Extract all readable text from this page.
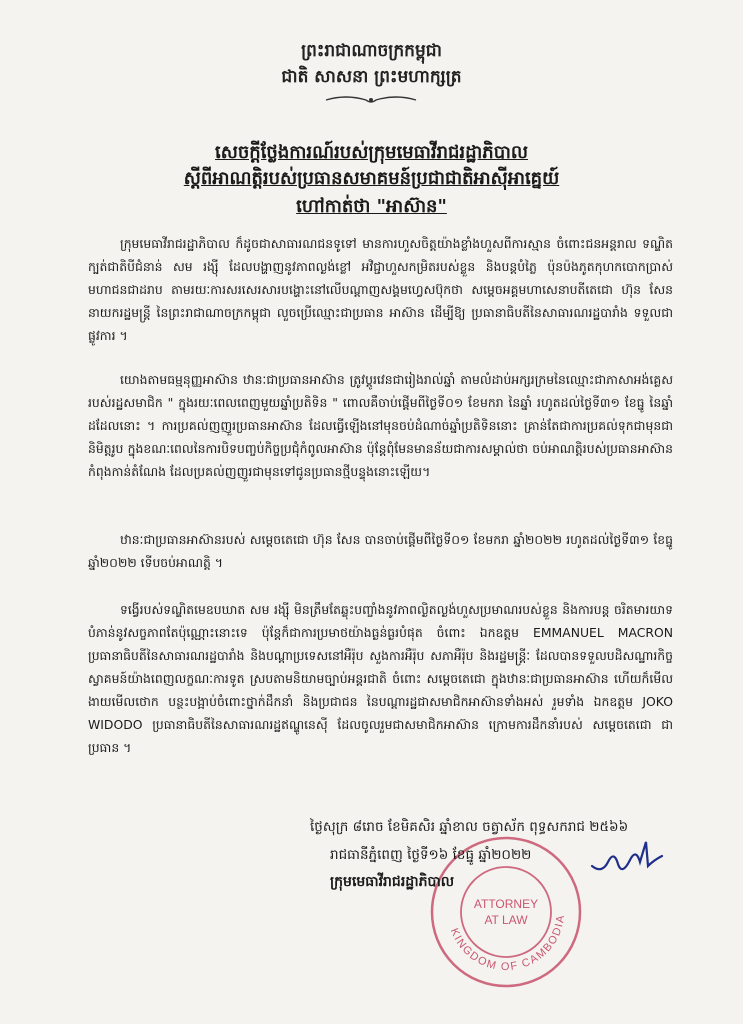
ព្រះរាជាណាចក្រកម្ពុជា
ជាតិ សាសនា ព្រះមហាក្សត្រ
សេចក្តីថ្លែងការណ៍របស់ក្រុមមេធាវីរាជរដ្ឋាភិបាល
ស្តីពីអាណត្តិរបស់ប្រធានសមាគមន៍ប្រជាជាតិអាស៊ីអាគ្នេយ៍
ហៅកាត់ថា "អាស៊ាន"

ក្រុមមេធាវីរាជរដ្ឋាភិបាល ក៏ដូចជាសាធារណជនទូទៅ មានការហួសចិត្តយ៉ាងខ្លាំងហួសពីការស្មាន ចំពោះជនអន្តរាល ទណ្ឌិតក្បត់ជាតិបីជំនាន់ សម រង្ស៊ី ដែលបង្ហាញនូវភាពល្ងង់ខ្លៅ អវិជ្ជាហួសកម្រិតរបស់ខ្លួន និងបន្តបំភ្លៃ ប៉ុនប៉ងភូតកុហកបោកប្រាស់មហាជនជាដរាប តាមរយៈការសរសេរសារបង្ហោះនៅលើបណ្តាញសង្គមហ្វេសប៊ុកថា សម្តេចអគ្គមហាសេនាបតីតេជោ ហ៊ុន សែន នាយករដ្ឋមន្រ្តី នៃព្រះរាជាណាចក្រកម្ពុជា លួចប្រើឈ្មោះជាប្រធាន អាស៊ាន ដើម្បីឱ្យ ប្រធានាធិបតីនៃសាធារណរដ្ឋបារាំង ទទួលជាផ្លូវការ ។

យោងតាមធម្មនុញ្ញអាស៊ាន ឋានៈជាប្រធានអាស៊ាន ត្រូវប្តូរវេនជារៀងរាល់ឆ្នាំ តាមលំដាប់អក្សរក្រមនៃឈ្មោះជាភាសាអង់គ្លេសរបស់រដ្ឋសមាជិក " ក្នុងរយៈពេលពេញមួយឆ្នាំប្រតិទិន " ពោលគឺចាប់ផ្តើមពីថ្ងៃទី០១ ខែមករា នៃឆ្នាំ រហូតដល់ថ្ងៃទី៣១ ខែធ្នូ នៃឆ្នាំដដែលនោះ ។ ការប្រគល់ញញួរប្រធានអាស៊ាន ដែលធ្វើឡើងនៅមុនចប់ដំណាច់ឆ្នាំប្រតិទិននោះ គ្រាន់តែជាការប្រគល់ទុកជាមុនជានិមិត្តរូប ក្នុងខណៈពេលនៃការបិទបញ្ចប់កិច្ចប្រជុំកំពូលអាស៊ាន ប៉ុន្តែពុំមែនមានន័យជាការសម្គាល់ថា ចប់អាណត្តិរបស់ប្រធានអាស៊ានកំពុងកាន់តំណែង ដែលប្រគល់ញញួរជាមុនទៅជូនប្រធានថ្មីបន្ទុងនោះឡើយ។

ឋានៈជាប្រធានអាស៊ានរបស់ សម្តេចតេជោ ហ៊ុន សែន បានចាប់ផ្តើមពីថ្ងៃទី០១ ខែមករា ឆ្នាំ២០២២ រហូតដល់ថ្ងៃទី៣១ ខែធ្នូ ឆ្នាំ២០២២ ទើបចប់អាណត្តិ ។

ទង្វើរបស់ទណ្ឌិតមេឧបឃាត សម រង្ស៊ី មិនត្រឹមតែឆ្លុះបញ្ចាំងនូវភាពល្ងិតល្ងង់ហួសប្រមាណរបស់ខ្លួន និងការបន្ត ចរិតមារយាទបំភាន់នូវសច្ចភាពតែប៉ុណ្ណោះនោះទេ ប៉ុន្តែក៏ជាការប្រមាថយ៉ាងធ្ងន់ធ្ងរបំផុត ចំពោះ ឯកឧត្តម EMMANUEL MACRON ប្រធានាធិបតីនៃសាធារណរដ្ឋបារាំង និងបណ្តាប្រទេសនៅអឺរ៉ុប សួងការអឺរ៉ុប សភាអឺរ៉ុប និងរដ្ឋមន្ត្រីៈ ដែលបានទទួលបដិសណ្ឋារកិច្ចស្វាគមន៍យ៉ាងពេញលក្ខណៈការទូត ស្របតាមនិយាមច្បាប់អន្តរជាតិ ចំពោះ សម្តេចតេជោ ក្នុងឋានៈជាប្រធានអាស៊ាន ហើយក៏មើលងាយមើលថោក បន្ថះបង្អាប់ចំពោះថ្នាក់ដឹកនាំ និងប្រជាជន នៃបណ្តារដ្ឋជាសមាជិកអាស៊ានទាំងអស់ រួមទាំង ឯកឧត្តម JOKO WIDODO ប្រធានាធិបតីនៃសាធារណរដ្ឋឥណ្ឌូនេស៊ី ដែលចូលរួមជាសមាជិកអាស៊ាន ក្រោមការដឹកនាំរបស់ សម្តេចតេជោ ជាប្រធាន ។

KINGDOM OF CAMBODIA
ATTORNEY
AT LAW
ថ្ងៃសុក្រ ៨រោច ខែមិគសិរ ឆ្នាំខាល ចត្វាស័ក ពុទ្ធសករាជ ២៥៦៦
រាជធានីភ្នំពេញ ថ្ងៃទី១៦ ខែធ្នូ ឆ្នាំ២០២២
ក្រុមមេធាវីរាជរដ្ឋាភិបាល
